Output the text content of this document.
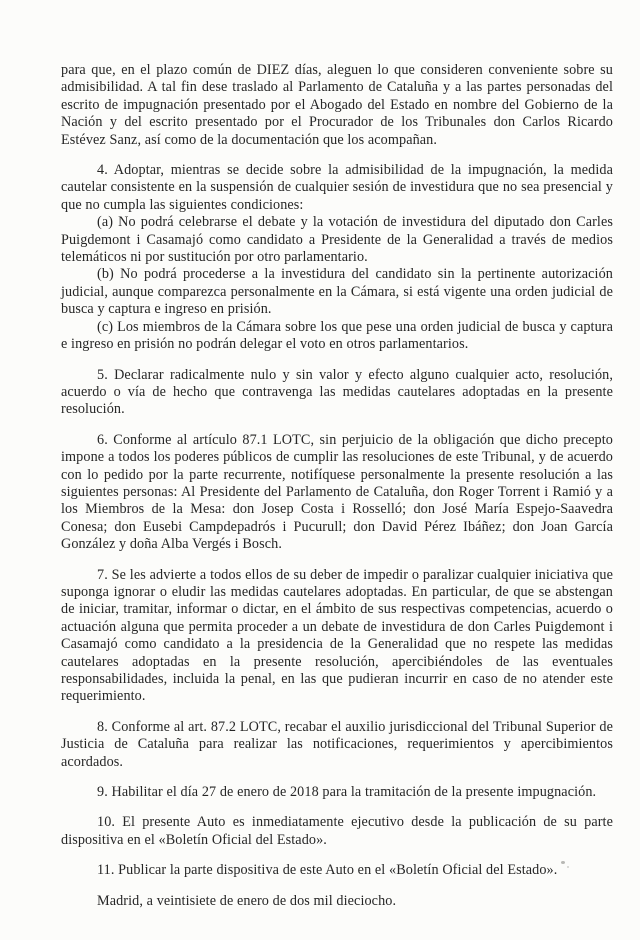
para que, en el plazo común de DIEZ días, aleguen lo que consideren conveniente sobre su admisibilidad. A tal fin dese traslado al Parlamento de Cataluña y a las partes personadas del escrito de impugnación presentado por el Abogado del Estado en nombre del Gobierno de la Nación y del escrito presentado por el Procurador de los Tribunales don Carlos Ricardo Estévez Sanz, así como de la documentación que los acompañan.

4. Adoptar, mientras se decide sobre la admisibilidad de la impugnación, la medida cautelar consistente en la suspensión de cualquier sesión de investidura que no sea presencial y que no cumpla las siguientes condiciones:

(a) No podrá celebrarse el debate y la votación de investidura del diputado don Carles Puigdemont i Casamajó como candidato a Presidente de la Generalidad a través de medios telemáticos ni por sustitución por otro parlamentario.

(b) No podrá procederse a la investidura del candidato sin la pertinente autorización judicial, aunque comparezca personalmente en la Cámara, si está vigente una orden judicial de busca y captura e ingreso en prisión.

(c) Los miembros de la Cámara sobre los que pese una orden judicial de busca y captura e ingreso en prisión no podrán delegar el voto en otros parlamentarios.

5. Declarar radicalmente nulo y sin valor y efecto alguno cualquier acto, resolución, acuerdo o vía de hecho que contravenga las medidas cautelares adoptadas en la presente resolución.

6. Conforme al artículo 87.1 LOTC, sin perjuicio de la obligación que dicho precepto impone a todos los poderes públicos de cumplir las resoluciones de este Tribunal, y de acuerdo con lo pedido por la parte recurrente, notifíquese personalmente la presente resolución a las siguientes personas: Al Presidente del Parlamento de Cataluña, don Roger Torrent i Ramió y a los Miembros de la Mesa: don Josep Costa i Rosselló; don José María Espejo-Saavedra Conesa; don Eusebi Campdepadrós i Pucurull; don David Pérez Ibáñez; don Joan García González y doña Alba Vergés i Bosch.

7. Se les advierte a todos ellos de su deber de impedir o paralizar cualquier iniciativa que suponga ignorar o eludir las medidas cautelares adoptadas. En particular, de que se abstengan de iniciar, tramitar, informar o dictar, en el ámbito de sus respectivas competencias, acuerdo o actuación alguna que permita proceder a un debate de investidura de don Carles Puigdemont i Casamajó como candidato a la presidencia de la Generalidad que no respete las medidas cautelares adoptadas en la presente resolución, apercibiéndoles de las eventuales responsabilidades, incluida la penal, en las que pudieran incurrir en caso de no atender este requerimiento.

8. Conforme al art. 87.2 LOTC, recabar el auxilio jurisdiccional del Tribunal Superior de Justicia de Cataluña para realizar las notificaciones, requerimientos y apercibimientos acordados.

9. Habilitar el día 27 de enero de 2018 para la tramitación de la presente impugnación.

10. El presente Auto es inmediatamente ejecutivo desde la publicación de su parte dispositiva en el «Boletín Oficial del Estado».

11. Publicar la parte dispositiva de este Auto en el «Boletín Oficial del Estado».

Madrid, a veintisiete de enero de dos mil dieciocho.
